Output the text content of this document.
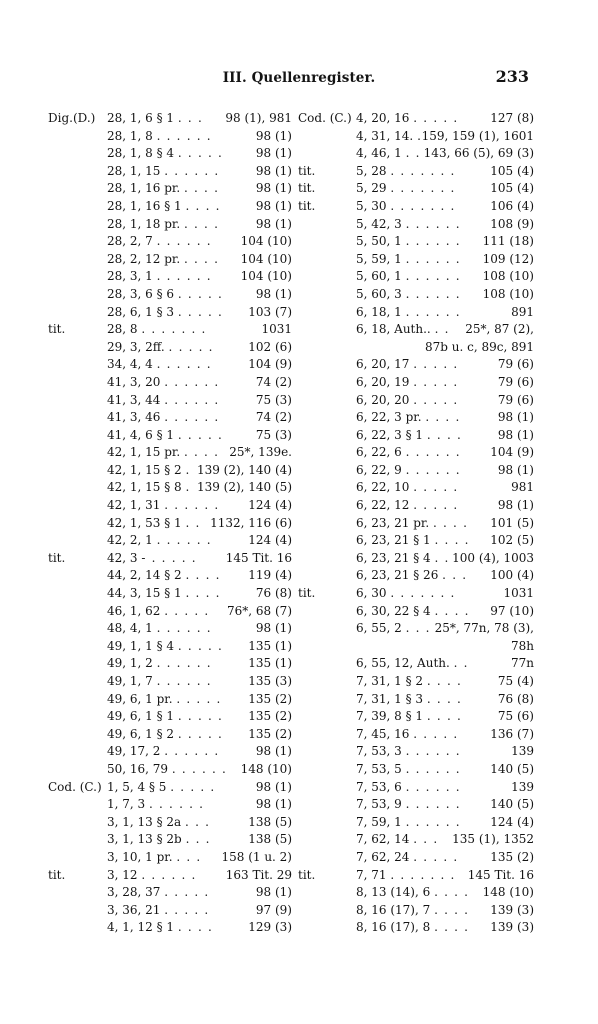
III. Quellenregister.	233
Dig.(D.) 28, 1, 6 § 1 . . . 98 (1), 981
28, 1, 8 . . . . . .	98 (1)
28, 1, 8 § 4 . . . . .	98 (1)
28, 1, 15 . . . . . .	98 (1)
28, 1, 16 pr. . . . .	98 (1)
28, 1, 16 § 1 . . . .	98 (1)
28, 1, 18 pr. . . . .	98 (1)
28, 2, 7 . . . . . . 104 (10)
28, 2, 12 pr. . . . . 104 (10)
28, 3, 1 . . . . . . 104 (10)
28, 3, 6 § 6 . . . . .	98 (1)
28, 6, 1 § 3 . . . . . 103 (7)
tit.	28, 8 . . . . . . .	1031
29, 3, 2ff. . . . . .	102 (6)
34, 4, 4 . . . . . .	104 (9)
41, 3, 20 . . . . . .	74 (2)
41, 3, 44 . . . . . .	75 (3)
41, 3, 46 . . . . . .	74 (2)
41, 4, 6 § 1 . . . . .	75 (3)
42, 1, 15 pr. . . . . 25*, 139e.
42, 1, 15 § 2 . 139 (2), 140 (4)
42, 1, 15 § 8 . 139 (2), 140 (5)
42, 1, 31 . . . . . . 124 (4)
42, 1, 53 § 1 . . 1132, 116 (6)
42, 2, 1 . . . . . .	124 (4)
tit.	42, 3 - . . . . . 145 Tit. 16
44, 2, 14 § 2 . . . . 119 (4)
44, 3, 15 § 1 . . . .	76 (8)
46, 1, 62 . . . . . 76*, 68 (7)
48, 4, 1 . . . . . .	98 (1)
49, 1, 1 § 4 . . . . . 135 (1)
49, 1, 2 . . . . . .	135 (1)
49, 1, 7 . . . . . .	135 (3)
49, 6, 1 pr. . . . . . 135 (2)
49, 6, 1 § 1 . . . . . 135 (2)
49, 6, 1 § 2 . . . . . 135 (2)
49, 17, 2 . . . . . .	98 (1)
50, 16, 79 . . . . . . 148 (10)
Cod. (C.) 1, 5, 4 § 5 . . . . .	98 (1)
1, 7, 3 . . . . . .	98 (1)
3, 1, 13 § 2a . . .	138 (5)
3, 1, 13 § 2b . . .	138 (5)
3, 10, 1 pr. . . . 158 (1 u. 2)
tit.	3, 12 . . . . . . 163 Tit. 29
3, 28, 37 . . . . .	98 (1)
3, 36, 21 . . . . .	97 (9)
4, 1, 12 § 1 . . . .	129 (3)
Cod. (C.) 4, 20, 16 . . . . .	127 (8)
4, 31, 14. . 159, 159 (1), 1601
4, 46, 1 . . 143, 66 (5), 69 (3)
tit.	5, 28 . . . . . . .	105 (4)
tit.	5, 29 . . . . . . .	105 (4)
tit.	5, 30 . . . . . . .	106 (4)
5, 42, 3 . . . . . . 108 (9)
5, 50, 1 . . . . . . 111 (18)
5, 59, 1 . . . . . . 109 (12)
5, 60, 1 . . . . . . 108 (10)
5, 60, 3 . . . . . . 108 (10)
6, 18, 1 . . . . . .	891
6, 18, Auth.. . . 25*, 87 (2),
87b u. c, 89c, 891
6, 20, 17 . . . . .	79 (6)
6, 20, 19 . . . . .	79 (6)
6, 20, 20 . . . . .	79 (6)
6, 22, 3 pr. . . . .	98 (1)
6, 22, 3 § 1 . . . .	98 (1)
6, 22, 6 . . . . . . 104 (9)
6, 22, 9 . . . . . .	98 (1)
6, 22, 10 . . . . .	981
6, 22, 12 . . . . .	98 (1)
6, 23, 21 pr. . . . . 101 (5)
6, 23, 21 § 1 . . . . 102 (5)
6, 23, 21 § 4 . . 100 (4), 1003
6, 23, 21 § 26 . . . 100 (4)
tit.	6, 30 . . . . . . .	1031
6, 30, 22 § 4 . . . . 97 (10)
6, 55, 2 . . . 25*, 77n, 78 (3),
78h
6, 55, 12, Auth. . .	77n
7, 31, 1 § 2 . . . .	75 (4)
7, 31, 1 § 3 . . . .	76 (8)
7, 39, 8 § 1 . . . .	75 (6)
7, 45, 16 . . . . .	136 (7)
7, 53, 3 . . . . . .	139
7, 53, 5 . . . . . . 140 (5)
7, 53, 6 . . . . . .	139
7, 53, 9 . . . . . . 140 (5)
7, 59, 1 . . . . . . 124 (4)
7, 62, 14 . . . 135 (1), 1352
7, 62, 24 . . . . .	135 (2)
tit.	7, 71 . . . . . . . 145 Tit. 16
8, 13 (14), 6 . . . . 148 (10)
8, 16 (17), 7 . . . . 139 (3)
8, 16 (17), 8 . . . . 139 (3)
